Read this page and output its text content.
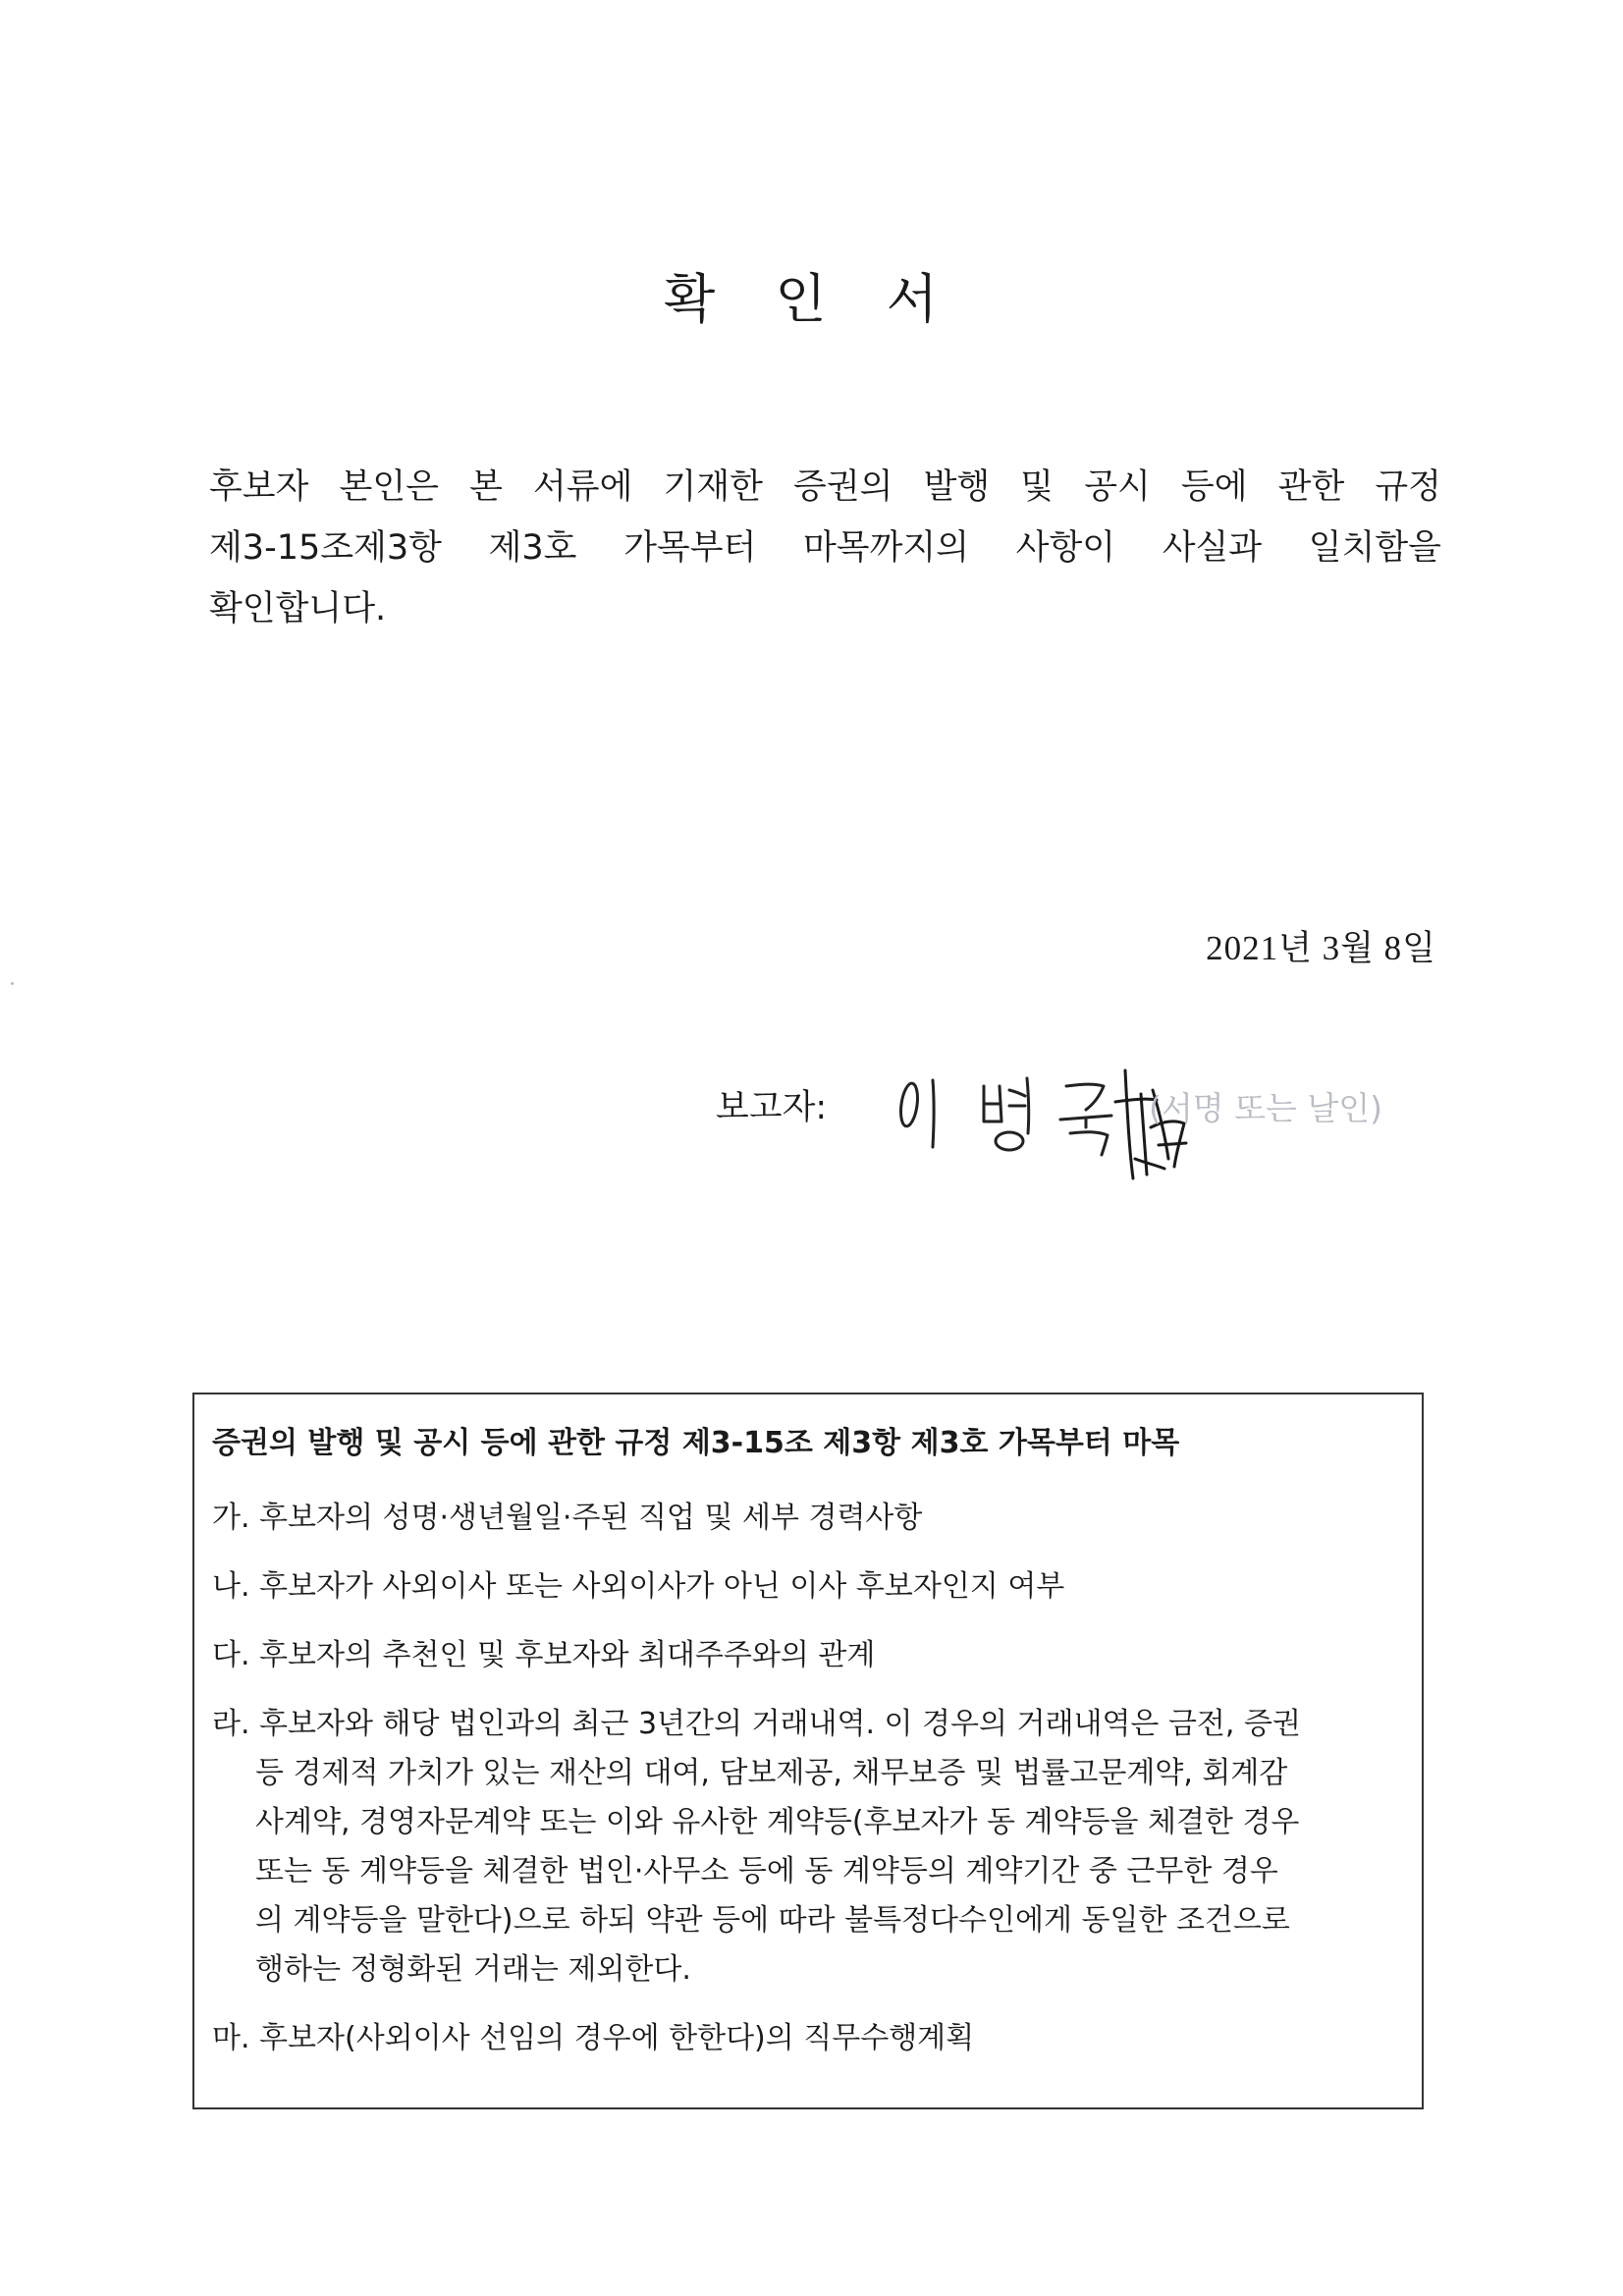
확 인 서
후보자 본인은 본 서류에 기재한 증권의 발행 및 공시 등에 관한 규정
제3-15조제3항 제3호 가목부터 마목까지의 사항이 사실과 일치함을
확인합니다.
2021년 3월 8일
보고자:	(서명 또는 날인)
증권의 발행 및 공시 등에 관한 규정 제3-15조 제3항 제3호 가목부터 마목
가. 후보자의 성명·생년월일·주된 직업 및 세부 경력사항
나. 후보자가 사외이사 또는 사외이사가 아닌 이사 후보자인지 여부
다. 후보자의 추천인 및 후보자와 최대주주와의 관계
라. 후보자와 해당 법인과의 최근 3년간의 거래내역. 이 경우의 거래내역은 금전, 증권
등 경제적 가치가 있는 재산의 대여, 담보제공, 채무보증 및 법률고문계약, 회계감
사계약, 경영자문계약 또는 이와 유사한 계약등(후보자가 동 계약등을 체결한 경우
또는 동 계약등을 체결한 법인·사무소 등에 동 계약등의 계약기간 중 근무한 경우
의 계약등을 말한다)으로 하되 약관 등에 따라 불특정다수인에게 동일한 조건으로
행하는 정형화된 거래는 제외한다.
마. 후보자(사외이사 선임의 경우에 한한다)의 직무수행계획
